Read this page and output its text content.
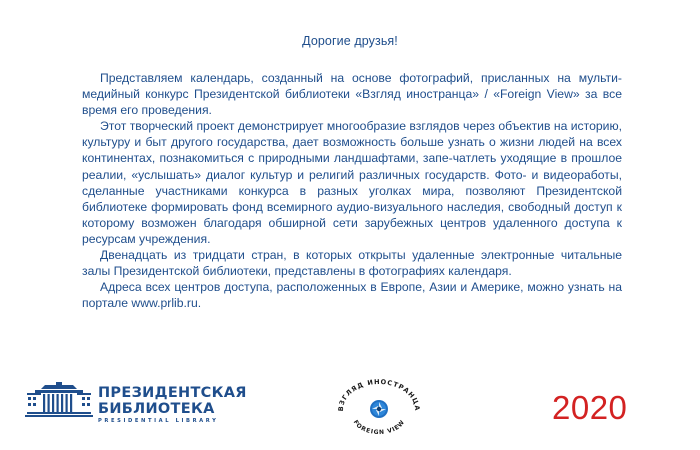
Дорогие друзья!

Представляем календарь, созданный на основе фотографий, присланных на мульти-медийный конкурс Президентской библиотеки «Взгляд иностранца» / «Foreign View» за все время его проведения.

Этот творческий проект демонстрирует многообразие взглядов через объектив на историю, культуру и быт другого государства, дает возможность больше узнать о жизни людей на всех континентах, познакомиться с природными ландшафтами, запе-чатлеть уходящие в прошлое реалии, «услышать» диалог культур и религий различных государств. Фото- и видеоработы, сделанные участниками конкурса в разных уголках мира, позволяют Президентской библиотеке формировать фонд всемирного аудио-визуального наследия, свободный доступ к которому возможен благодаря обширной сети зарубежных центров удаленного доступа к ресурсам учреждения.

Двенадцать из тридцати стран, в которых открыты удаленные электронные читальные залы Президентской библиотеки, представлены в фотографиях календаря.

Адреса всех центров доступа, расположенных в Европе, Азии и Америке, можно узнать на портале www.prlib.ru.

ПРЕЗИДЕНТСКАЯ
БИБЛИОТЕКА
PRESIDENTIAL LIBRARY
ВЗГЛЯД ИНОСТРАНЦА
FOREIGN VIEW	2020
